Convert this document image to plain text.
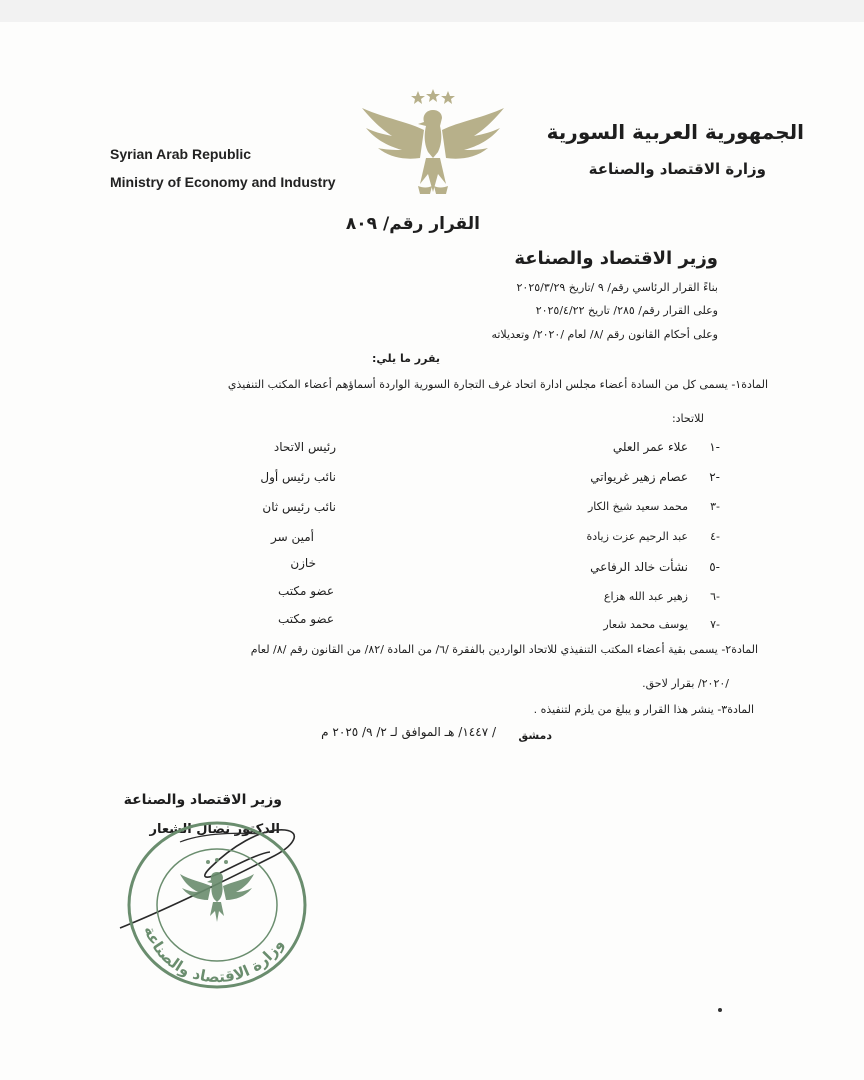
Syrian Arab Republic
Ministry of Economy and Industry
الجمهورية العربية السورية
وزارة الاقتصاد والصناعة
القرار رقم/ ٨٠٩
وزير الاقتصاد والصناعة
بناءً القرار الرئاسي رقم/ ٩ /تاريخ ٢٠٢٥/٣/٢٩
وعلى القرار رقم/ ٢٨٥/ تاريخ ٢٠٢٥/٤/٢٢
وعلى أحكام القانون رقم /٨/ لعام /٢٠٢٠/ وتعديلاته
يقرر ما يلي:
المادة١- يسمى كل من السادة أعضاء مجلس ادارة اتحاد غرف التجارة السورية الواردة أسماؤهم أعضاء المكتب التنفيذي
للاتحاد:
١-
علاء عمر العلي
رئيس الاتحاد
٢-
عصام زهير غريواتي
نائب رئيس أول
٣-
محمد سعيد شيخ الكار
نائب رئيس ثان
٤-
عبد الرحيم عزت زيادة
أمين سر
٥-
نشأت خالد الرفاعي
خازن
٦-
زهير عبد الله هزاع
عضو مكتب
٧-
يوسف محمد شعار
عضو مكتب
المادة٢- يسمى بقية أعضاء المكتب التنفيذي للاتحاد الواردين بالفقرة /٦/ من المادة /٨٢/ من القانون رقم /٨/ لعام
/٢٠٢٠/ بقرار لاحق.
المادة٣- ينشر هذا القرار و يبلغ من يلزم لتنفيذه .
دمشق
/ ١٤٤٧/ هـ الموافق لـ ٢/ ٩/ ٢٠٢٥ م
وزير الاقتصاد والصناعة
الدكتور نضال الشعار
وزارة الاقتصاد والصناعة
